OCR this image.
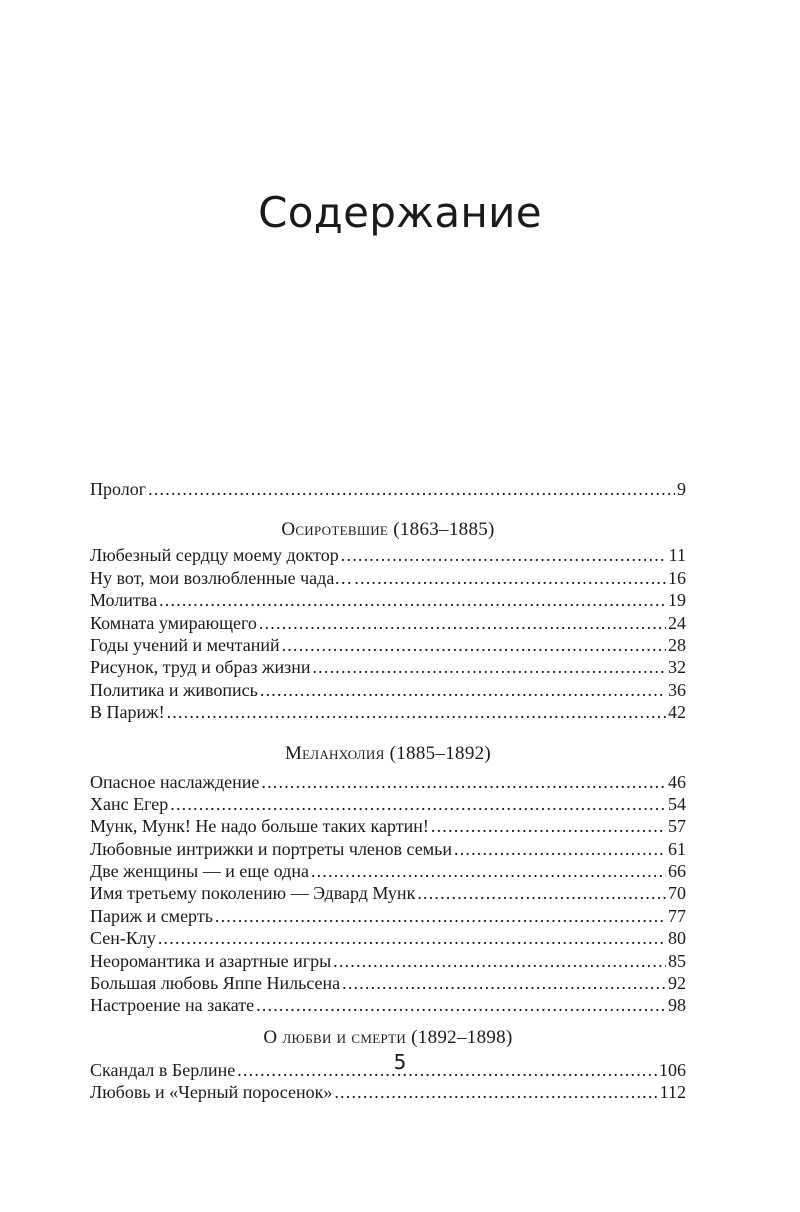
Содержание
Пролог .....	9
Осиротевшие (1863–1885)
Любезный сердцу моему доктор .....	11
Ну вот, мои возлюбленные чада… .....	16
Молитва .....	19
Комната умирающего .....	24
Годы учений и мечтаний .....	28
Рисунок, труд и образ жизни .....	32
Политика и живопись .....	36
В Париж! .....	42
Меланхолия (1885–1892)
Опасное наслаждение .....	46
Ханс Егер .....	54
Мунк, Мунк! Не надо больше таких картин! .....	57
Любовные интрижки и портреты членов семьи .....	61
Две женщины — и еще одна .....	66
Имя третьему поколению — Эдвард Мунк .....	70
Париж и смерть .....	77
Сен-Клу .....	80
Неоромантика и азартные игры .....	85
Большая любовь Яппе Нильсена .....	92
Настроение на закате .....	98
О любви и смерти (1892–1898)
Скандал в Берлине .....	106
Любовь и «Черный поросенок» .....	112
5
